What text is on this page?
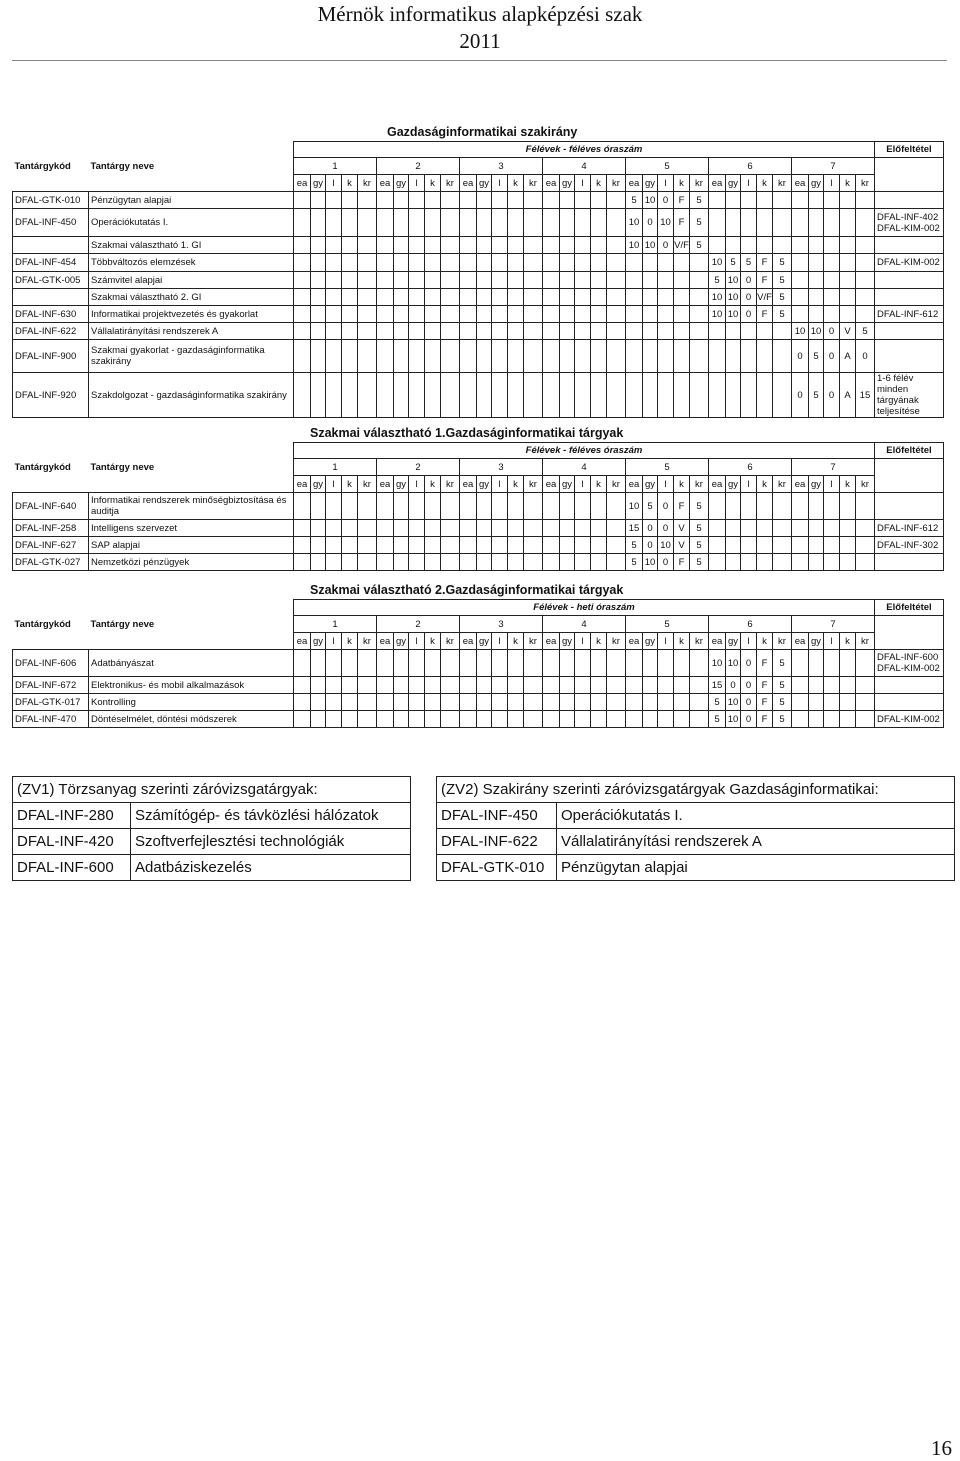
Mérnök informatikus alapképzési szak
2011
Gazdaságinformatikai szakirány
		Félévek - féléves óraszám																																			Előfeltétel
Tantárgykód	Tantárgy neve	1					2					3					4					5					6					7					
		ea	gy	l	k	kr	ea	gy	l	k	kr	ea	gy	l	k	kr	ea	gy	l	k	kr	ea	gy	l	k	kr	ea	gy	l	k	kr	ea	gy	l	k	kr	
DFAL-GTK-010	Pénzügytan alapjai																					5	10	0	F	5											
DFAL-INF-450	Operációkutatás I.																					10	0	10	F	5											DFAL-INF-402 DFAL-KIM-002
	Szakmai választható 1. GI																					10	10	0	V/F	5											
DFAL-INF-454	Többváltozós elemzések																										10	5	5	F	5						DFAL-KIM-002
DFAL-GTK-005	Számvitel alapjai																										5	10	0	F	5						
	Szakmai választható 2. GI																										10	10	0	V/F	5						
DFAL-INF-630	Informatikai projektvezetés és gyakorlat																										10	10	0	F	5						DFAL-INF-612
DFAL-INF-622	Vállalatirányítási rendszerek A																															10	10	0	V	5	
DFAL-INF-900	Szakmai gyakorlat - gazdaságinformatika szakirány																															0	5	0	A	0	
DFAL-INF-920	Szakdolgozat - gazdaságinformatika szakirány																															0	5	0	A	15	1-6 félév minden tárgyának teljesítése
Szakmai választható 1.Gazdaságinformatikai tárgyak
		Félévek - féléves óraszám																																			Előfeltétel
Tantárgykód	Tantárgy neve	1					2					3					4					5					6					7					
		ea	gy	l	k	kr	ea	gy	l	k	kr	ea	gy	l	k	kr	ea	gy	l	k	kr	ea	gy	l	k	kr	ea	gy	l	k	kr	ea	gy	l	k	kr	
DFAL-INF-640	Informatikai rendszerek minőségbiztosítása és auditja																					10	5	0	F	5											
DFAL-INF-258	Intelligens szervezet																					15	0	0	V	5											DFAL-INF-612
DFAL-INF-627	SAP alapjai																					5	0	10	V	5											DFAL-INF-302
DFAL-GTK-027	Nemzetközi pénzügyek																					5	10	0	F	5											
Szakmai választható 2.Gazdaságinformatikai tárgyak
		Félévek - heti óraszám																																			Előfeltétel
Tantárgykód	Tantárgy neve	1					2					3					4					5					6					7					
		ea	gy	l	k	kr	ea	gy	l	k	kr	ea	gy	l	k	kr	ea	gy	l	k	kr	ea	gy	l	k	kr	ea	gy	l	k	kr	ea	gy	l	k	kr	
DFAL-INF-606	Adatbányászat																										10	10	0	F	5						DFAL-INF-600 DFAL-KIM-002
DFAL-INF-672	Elektronikus- és mobil alkalmazások																										15	0	0	F	5						
DFAL-GTK-017	Kontrolling																										5	10	0	F	5						
DFAL-INF-470	Döntéselmélet, döntési módszerek																										5	10	0	F	5						DFAL-KIM-002
(ZV1) Törzsanyag szerinti záróvizsgatárgyak:	
DFAL-INF-280	Számítógép- és távközlési hálózatok
DFAL-INF-420	Szoftverfejlesztési technológiák
DFAL-INF-600	Adatbáziskezelés
(ZV2) Szakirány szerinti záróvizsgatárgyak Gazdaságinformatikai:	
DFAL-INF-450	Operációkutatás I.
DFAL-INF-622	Vállalatirányítási rendszerek A
DFAL-GTK-010	Pénzügytan alapjai
16
